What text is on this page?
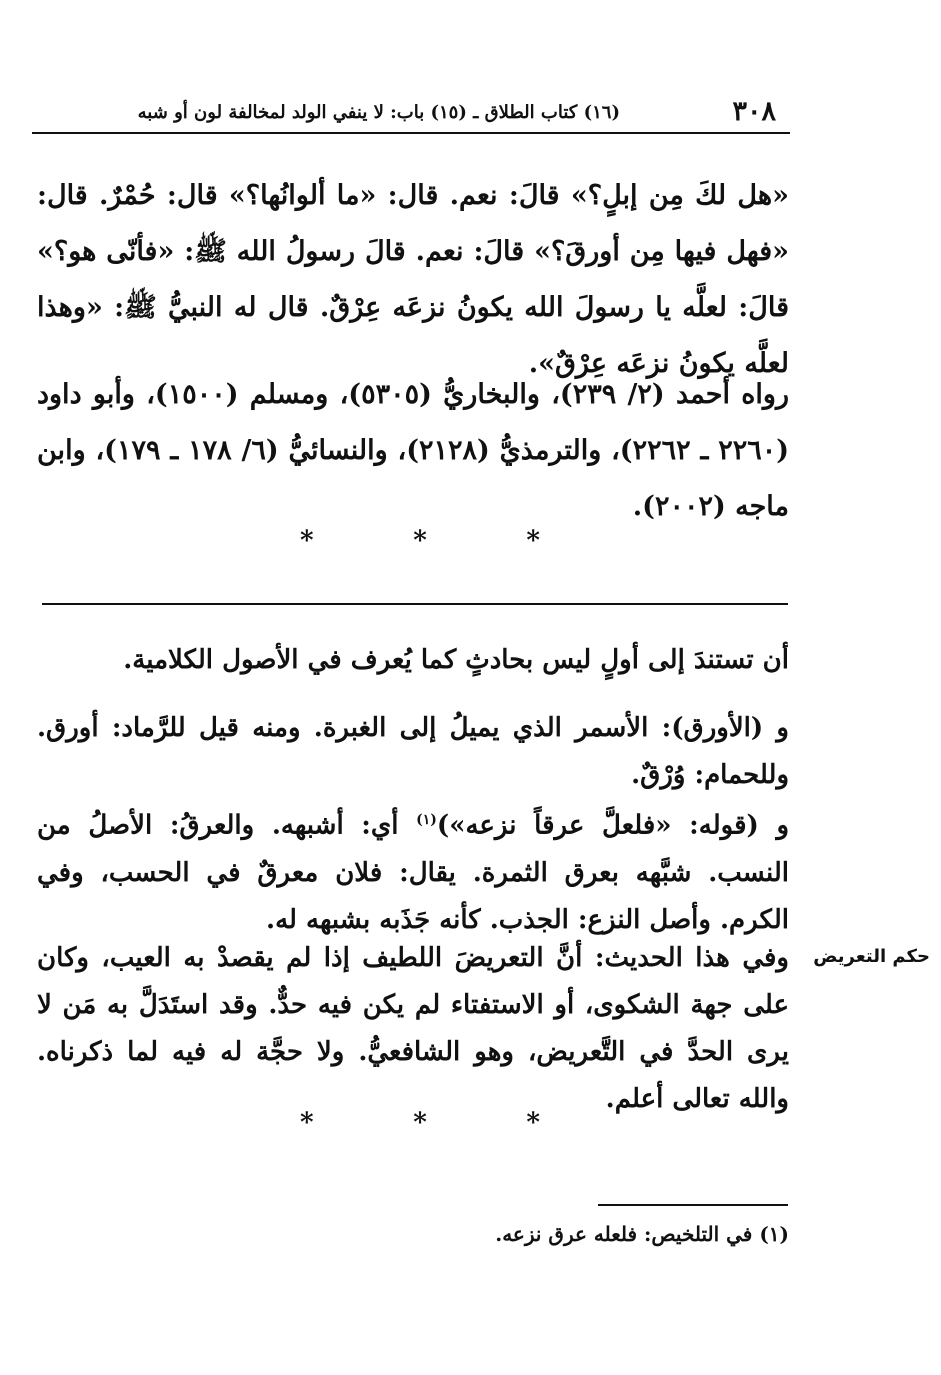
٣٠٨
(١٦) كتاب الطلاق ـ (١٥) باب: لا ينفي الولد لمخالفة لون أو شبه

«هل لكَ مِن إبلٍ؟» قالَ: نعم. قال: «ما ألوانُها؟» قال: حُمْرٌ. قال: «فهل فيها مِن أورقَ؟» قالَ: نعم. قالَ رسولُ الله ﷺ: «فأنّى هو؟» قالَ: لعلَّه يا رسولَ الله يكونُ نزعَه عِرْقٌ. قال له النبيُّ ﷺ: «وهذا لعلَّه يكونُ نزعَه عِرْقٌ».

رواه أحمد (٢/ ٢٣٩)، والبخاريُّ (٥٣٠٥)، ومسلم (١٥٠٠)، وأبو داود (٢٢٦٠ ـ ٢٢٦٢)، والترمذيُّ (٢١٢٨)، والنسائيُّ (٦/ ١٧٨ ـ ١٧٩)، وابن ماجه (٢٠٠٢).

*	*	*

أن تستندَ إلى أولٍ ليس بحادثٍ كما يُعرف في الأصول الكلامية.

و (الأورق): الأسمر الذي يميلُ إلى الغبرة. ومنه قيل للرَّماد: أورق. وللحمام: وُرْقٌ.

و (قوله: «فلعلَّ عرقاً نزعه»)$^{(١)}$ أي: أشبهه. والعرقُ: الأصلُ من النسب. شبَّهه بعرق الثمرة. يقال: فلان معرقٌ في الحسب، وفي الكرم. وأصل النزع: الجذب. كأنه جَذَبه بشبهه له.

وفي هذا الحديث: أنَّ التعريضَ اللطيف إذا لم يقصدْ به العيب، وكان على جهة الشكوى، أو الاستفتاء لم يكن فيه حدٌّ. وقد استَدَلَّ به مَن لا يرى الحدَّ في التَّعريض، وهو الشافعيُّ. ولا حجَّة له فيه لما ذكرناه. والله تعالى أعلم.

حكم التعريض
*	*	*
(١) في التلخيص: فلعله عرق نزعه.
